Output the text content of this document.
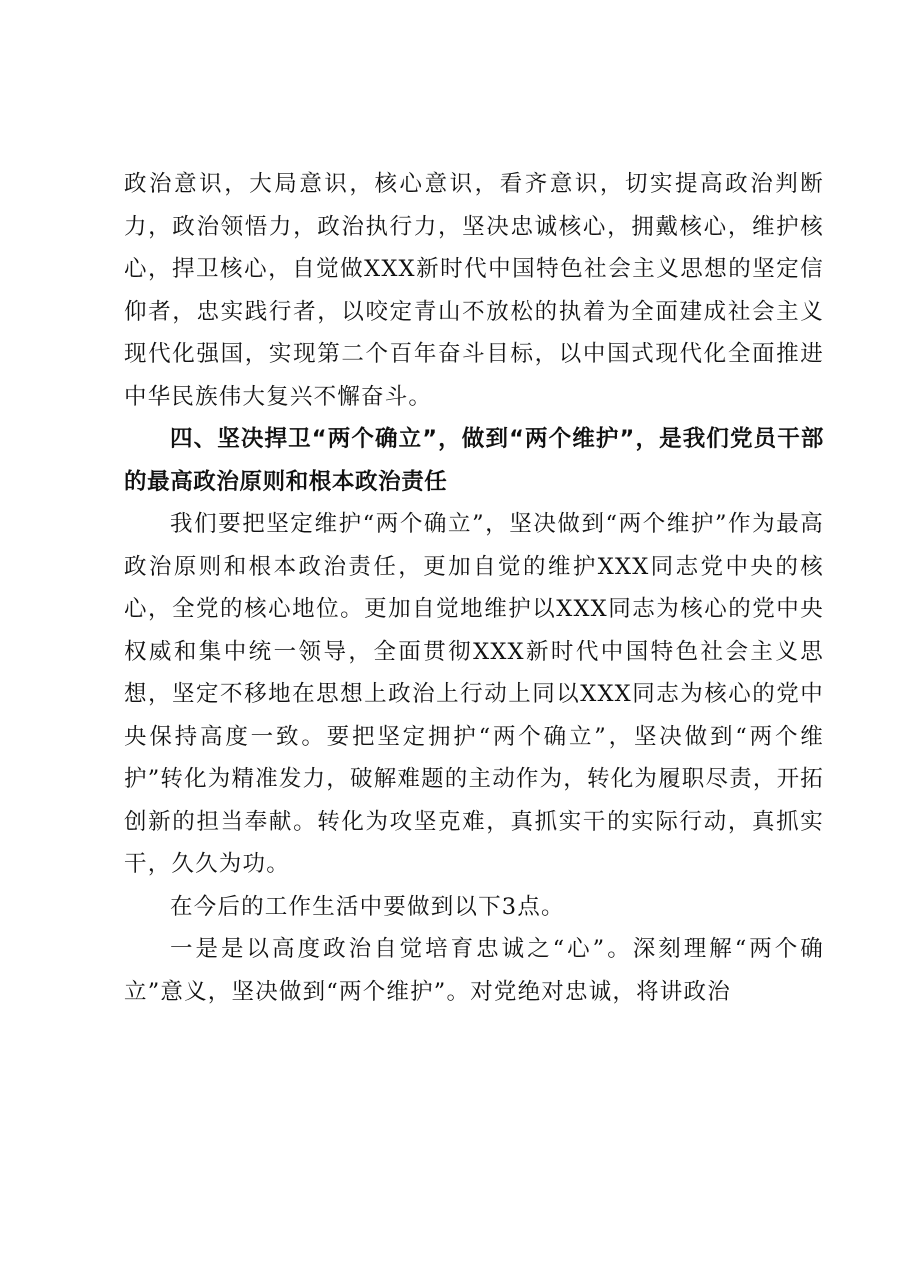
政治意识，大局意识，核心意识，看齐意识，切实提高政治判断力，政治领悟力，政治执行力，坚决忠诚核心，拥戴核心，维护核心，捍卫核心，自觉做XXX新时代中国特色社会主义思想的坚定信仰者，忠实践行者，以咬定青山不放松的执着为全面建成社会主义现代化强国，实现第二个百年奋斗目标，以中国式现代化全面推进中华民族伟大复兴不懈奋斗。

四、坚决捍卫“两个确立”，做到“两个维护”，是我们党员干部的最高政治原则和根本政治责任

我们要把坚定维护“两个确立”，坚决做到“两个维护”作为最高政治原则和根本政治责任，更加自觉的维护XXX同志党中央的核心，全党的核心地位。更加自觉地维护以XXX同志为核心的党中央权威和集中统一领导，全面贯彻XXX新时代中国特色社会主义思想，坚定不移地在思想上政治上行动上同以XXX同志为核心的党中央保持高度一致。要把坚定拥护“两个确立”，坚决做到“两个维护”转化为精准发力，破解难题的主动作为，转化为履职尽责，开拓创新的担当奉献。转化为攻坚克难，真抓实干的实际行动，真抓实干，久久为功。

在今后的工作生活中要做到以下3点。

一是是以高度政治自觉培育忠诚之“心”。深刻理解“两个确立”意义，坚决做到“两个维护”。对党绝对忠诚，将讲政治
